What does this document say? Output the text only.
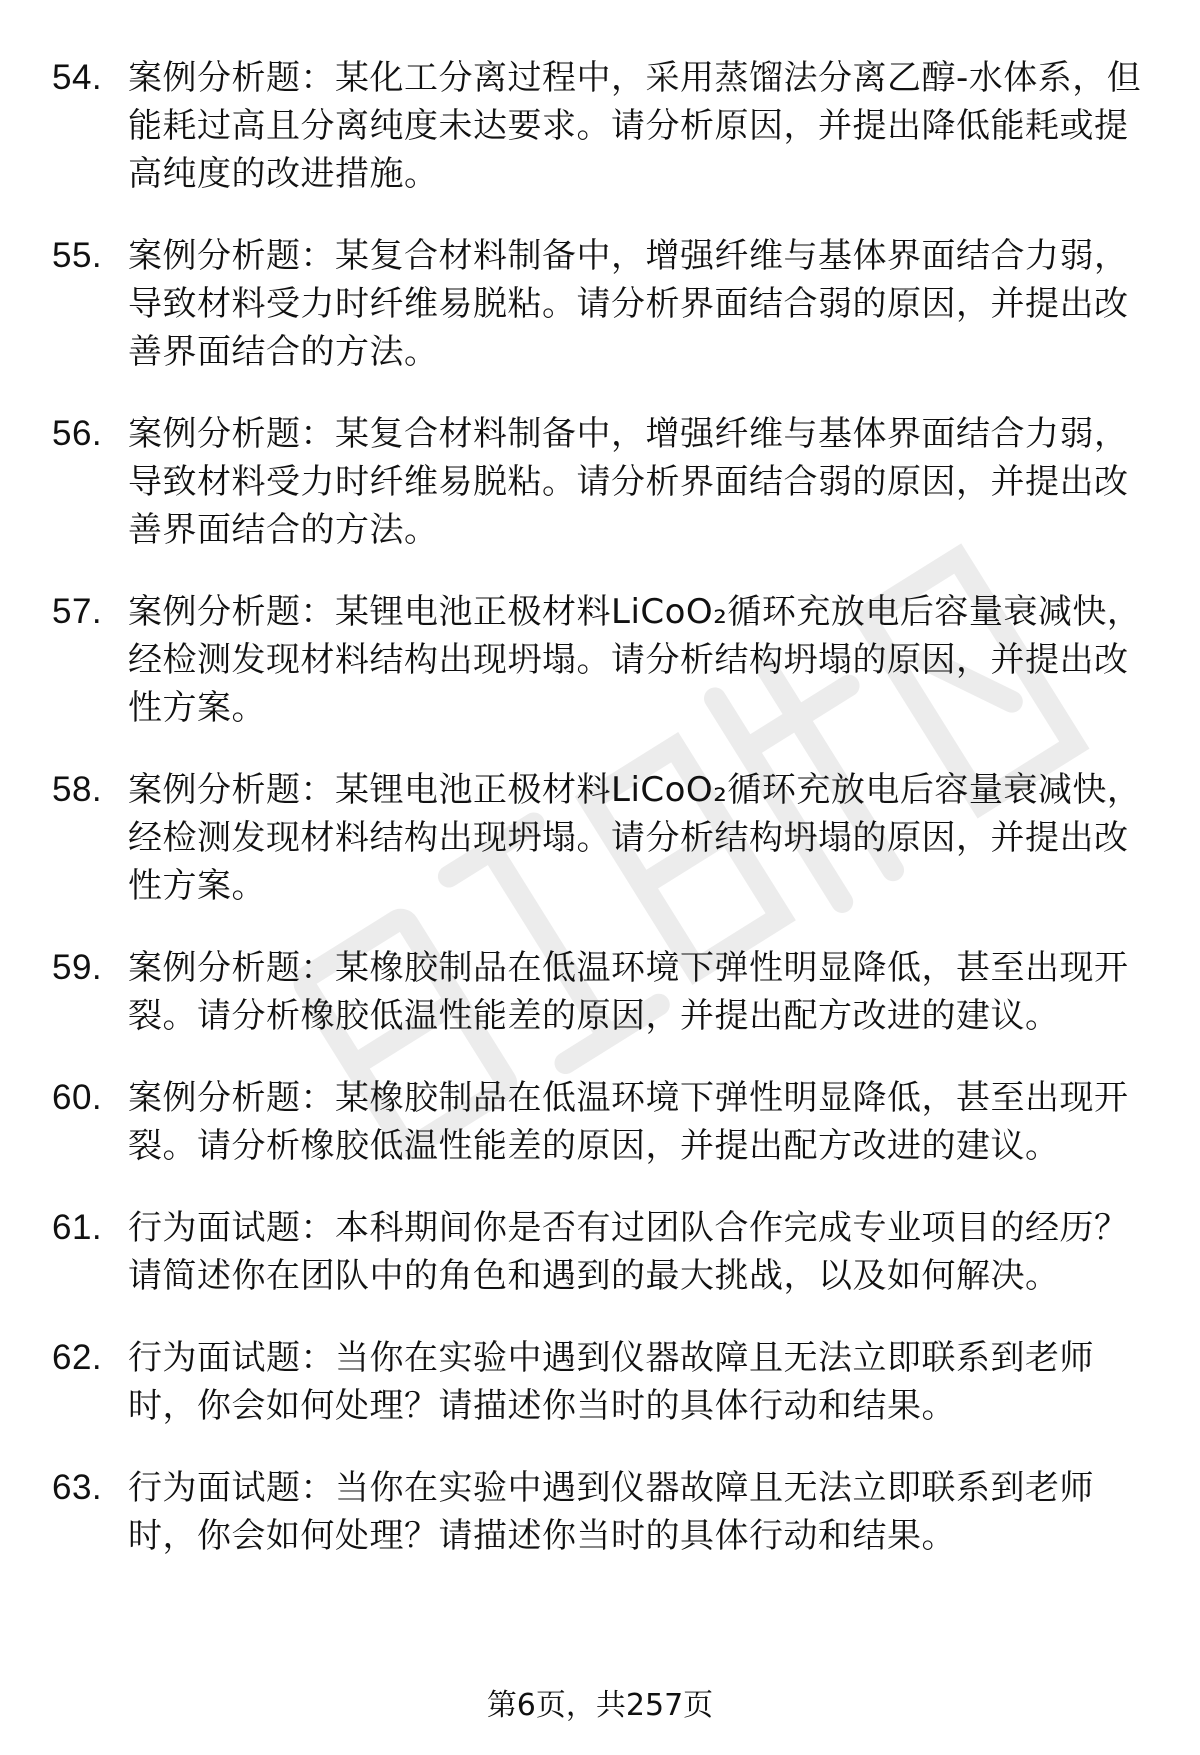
54. 案例分析题：某化工分离过程中，采用蒸馏法分离乙醇-水体系，但能耗过高且分离纯度未达要求。请分析原因，并提出降低能耗或提高纯度的改进措施。
55. 案例分析题：某复合材料制备中，增强纤维与基体界面结合力弱，导致材料受力时纤维易脱粘。请分析界面结合弱的原因，并提出改善界面结合的方法。
56. 案例分析题：某复合材料制备中，增强纤维与基体界面结合力弱，导致材料受力时纤维易脱粘。请分析界面结合弱的原因，并提出改善界面结合的方法。
57. 案例分析题：某锂电池正极材料LiCoO₂循环充放电后容量衰减快，经检测发现材料结构出现坍塌。请分析结构坍塌的原因，并提出改性方案。
58. 案例分析题：某锂电池正极材料LiCoO₂循环充放电后容量衰减快，经检测发现材料结构出现坍塌。请分析结构坍塌的原因，并提出改性方案。
59. 案例分析题：某橡胶制品在低温环境下弹性明显降低，甚至出现开裂。请分析橡胶低温性能差的原因，并提出配方改进的建议。
60. 案例分析题：某橡胶制品在低温环境下弹性明显降低，甚至出现开裂。请分析橡胶低温性能差的原因，并提出配方改进的建议。
61. 行为面试题：本科期间你是否有过团队合作完成专业项目的经历？请简述你在团队中的角色和遇到的最大挑战，以及如何解决。
62. 行为面试题：当你在实验中遇到仪器故障且无法立即联系到老师时，你会如何处理？请描述你当时的具体行动和结果。
63. 行为面试题：当你在实验中遇到仪器故障且无法立即联系到老师时，你会如何处理？请描述你当时的具体行动和结果。
第6页，共257页
